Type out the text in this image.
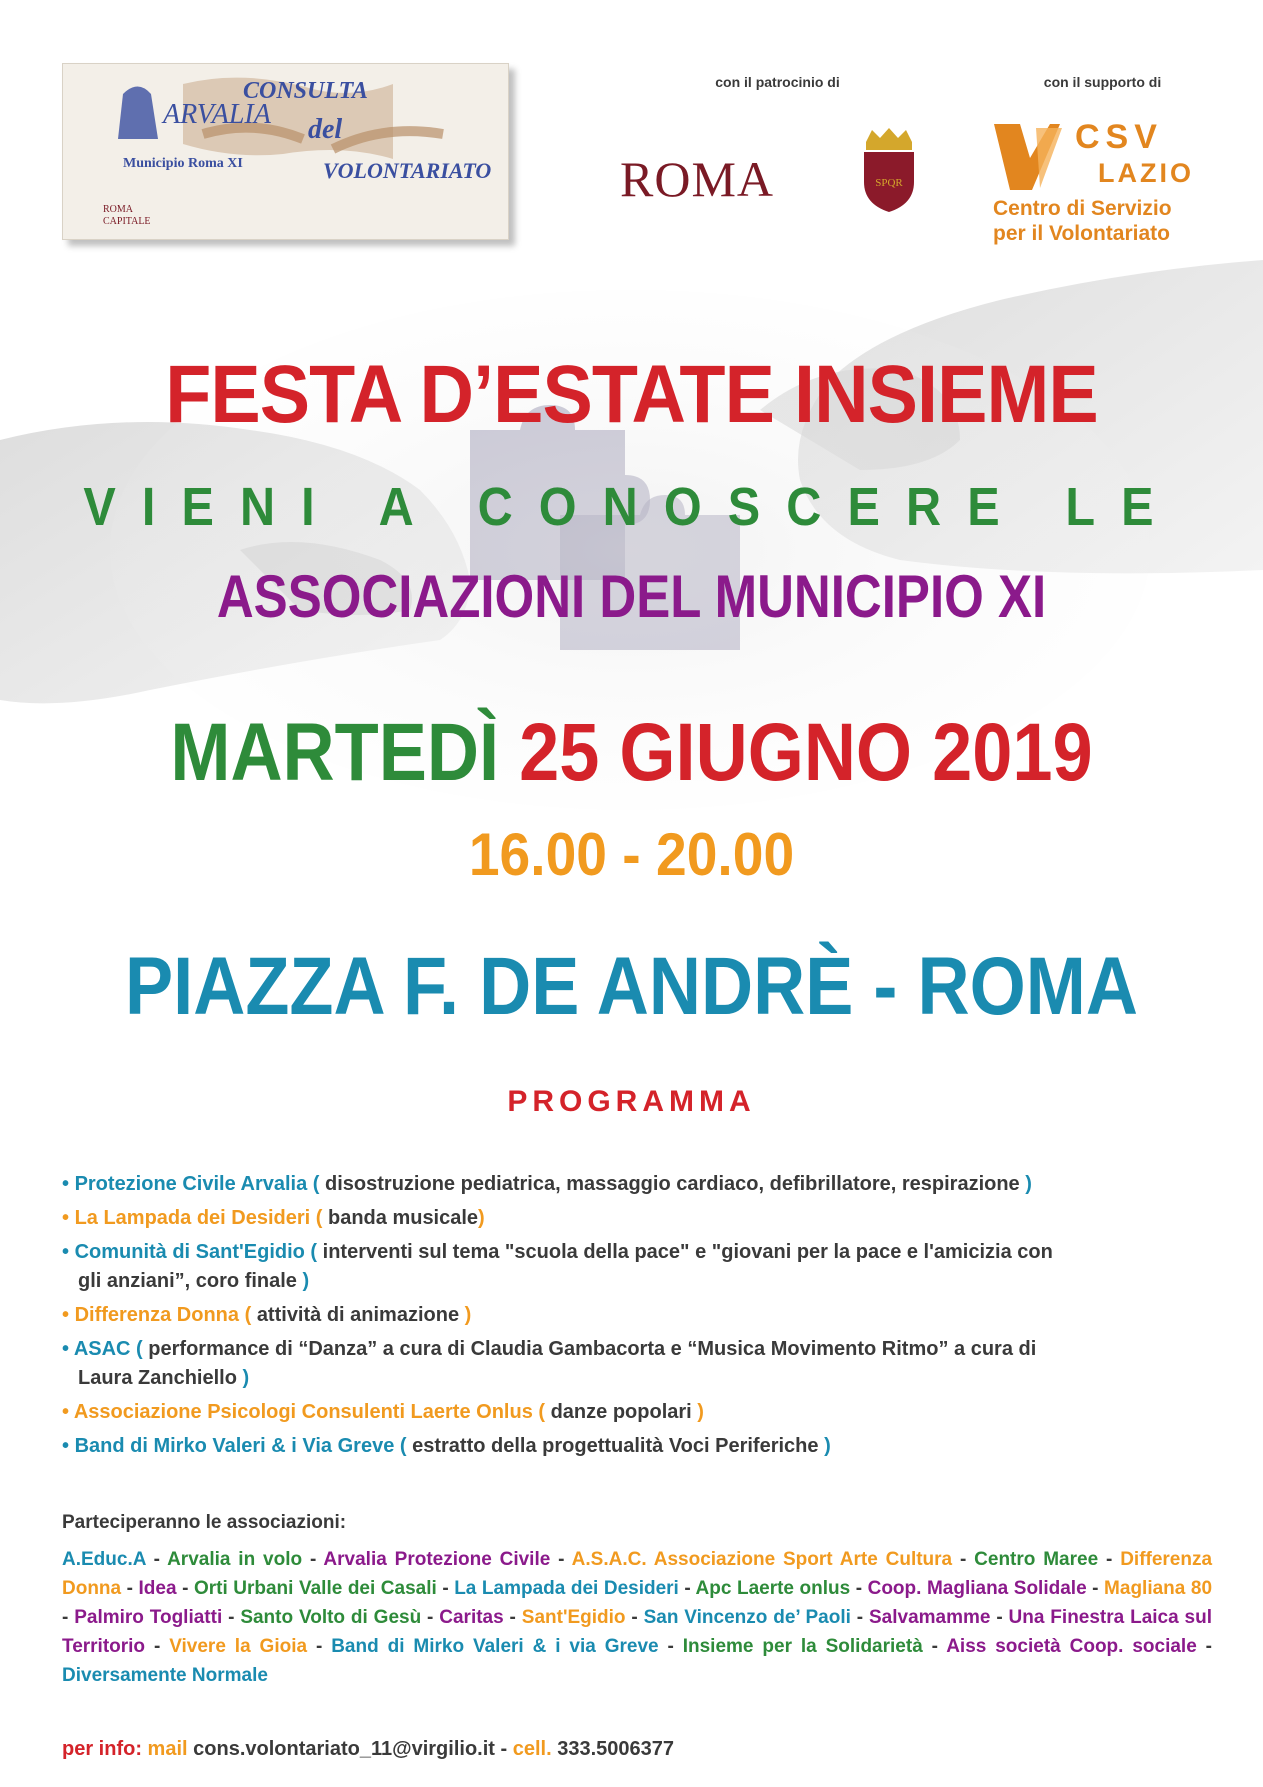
ARVALIA
CONSULTA
del
VOLONTARIATO
Municipio Roma XI
ROMA
CAPITALE
con il patrocinio di	con il supporto di
ROMA	SPQR
CSV
LAZIO
Centro di Servizio
per il Volontariato
FESTA D’ESTATE INSIEME
VIENI A CONOSCERE LE
ASSOCIAZIONI DEL MUNICIPIO XI
MARTEDÌ 25 GIUGNO 2019
16.00 - 20.00
PIAZZA F. DE ANDRÈ - ROMA
PROGRAMMA
• Protezione Civile Arvalia ( disostruzione pediatrica, massaggio cardiaco, defibrillatore, respirazione )
• La Lampada dei Desideri ( banda musicale)
• Comunità di Sant'Egidio ( interventi sul tema "scuola della pace" e "giovani per la pace e l'amicizia con
gli anziani”, coro finale )
• Differenza Donna ( attività di animazione )
• ASAC ( performance di “Danza” a cura di Claudia Gambacorta e “Musica Movimento Ritmo” a cura di
Laura Zanchiello )
• Associazione Psicologi Consulenti Laerte Onlus ( danze popolari )
• Band di Mirko Valeri & i Via Greve ( estratto della progettualità Voci Periferiche )
Parteciperanno le associazioni:
A.Educ.A - Arvalia in volo - Arvalia Protezione Civile - A.S.A.C. Associazione Sport Arte Cultura - Centro Maree - Differenza Donna - Idea - Orti Urbani Valle dei Casali - La Lampada dei Desideri - Apc Laerte onlus - Coop. Magliana Solidale - Magliana 80 - Palmiro Togliatti - Santo Volto di Gesù - Caritas - Sant'Egidio - San Vincenzo de’ Paoli - Salvamamme - Una Finestra Laica sul Territorio - Vivere la Gioia - Band di Mirko Valeri & i via Greve - Insieme per la Solidarietà - Aiss società Coop. sociale - Diversamente Normale
per info: mail cons.volontariato_11@virgilio.it - cell. 333.5006377
